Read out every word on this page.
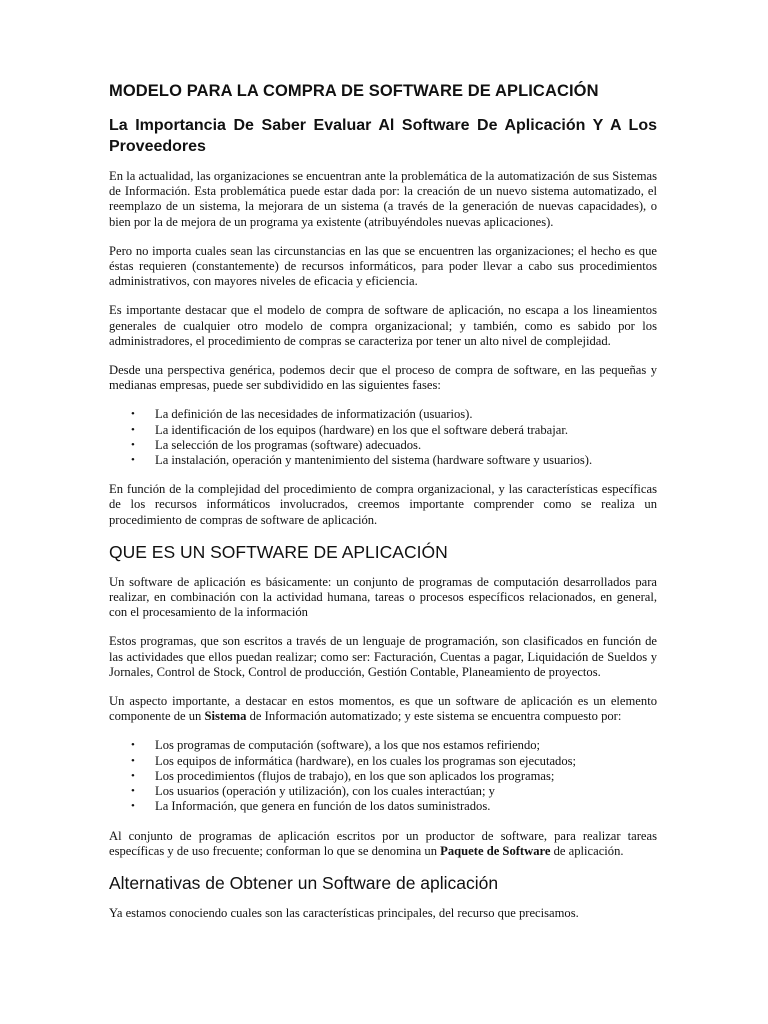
MODELO PARA LA COMPRA DE SOFTWARE DE APLICACIÓN
La Importancia De Saber Evaluar Al Software De Aplicación Y A Los Proveedores

En la actualidad, las organizaciones se encuentran ante la problemática de la automatización de sus Sistemas de Información. Esta problemática puede estar dada por: la creación de un nuevo sistema automatizado, el reemplazo de un sistema, la mejorara de un sistema (a través de la generación de nuevas capacidades), o bien por la de mejora de un programa ya existente (atribuyéndoles nuevas aplicaciones).

Pero no importa cuales sean las circunstancias en las que se encuentren las organizaciones; el hecho es que éstas requieren (constantemente) de recursos informáticos, para poder llevar a cabo sus procedimientos administrativos, con mayores niveles de eficacia y eficiencia.

Es importante destacar que el modelo de compra de software de aplicación, no escapa a los lineamientos generales de cualquier otro modelo de compra organizacional; y también, como es sabido por los administradores, el procedimiento de compras se caracteriza por tener un alto nivel de complejidad.

Desde una perspectiva genérica, podemos decir que el proceso de compra de software, en las pequeñas y medianas empresas, puede ser subdividido en las siguientes fases:

• La definición de las necesidades de informatización (usuarios).
• La identificación de los equipos (hardware) en los que el software deberá trabajar.
• La selección de los programas (software) adecuados.
• La instalación, operación y mantenimiento del sistema (hardware software y usuarios).

En función de la complejidad del procedimiento de compra organizacional, y las características específicas de los recursos informáticos involucrados, creemos importante comprender como se realiza un procedimiento de compras de software de aplicación.

QUE ES UN SOFTWARE DE APLICACIÓN

Un software de aplicación es básicamente: un conjunto de programas de computación desarrollados para realizar, en combinación con la actividad humana, tareas o procesos específicos relacionados, en general, con el procesamiento de la información

Estos programas, que son escritos a través de un lenguaje de programación, son clasificados en función de las actividades que ellos puedan realizar; como ser: Facturación, Cuentas a pagar, Liquidación de Sueldos y Jornales, Control de Stock, Control de producción, Gestión Contable, Planeamiento de proyectos.

Un aspecto importante, a destacar en estos momentos, es que un software de aplicación es un elemento componente de un Sistema de Información automatizado; y este sistema se encuentra compuesto por:

• Los programas de computación (software), a los que nos estamos refiriendo;
• Los equipos de informática (hardware), en los cuales los programas son ejecutados;
• Los procedimientos (flujos de trabajo), en los que son aplicados los programas;
• Los usuarios (operación y utilización), con los cuales interactúan; y
• La Información, que genera en función de los datos suministrados.

Al conjunto de programas de aplicación escritos por un productor de software, para realizar tareas específicas y de uso frecuente; conforman lo que se denomina un Paquete de Software de aplicación.

Alternativas de Obtener un Software de aplicación

Ya estamos conociendo cuales son las características principales, del recurso que precisamos.
